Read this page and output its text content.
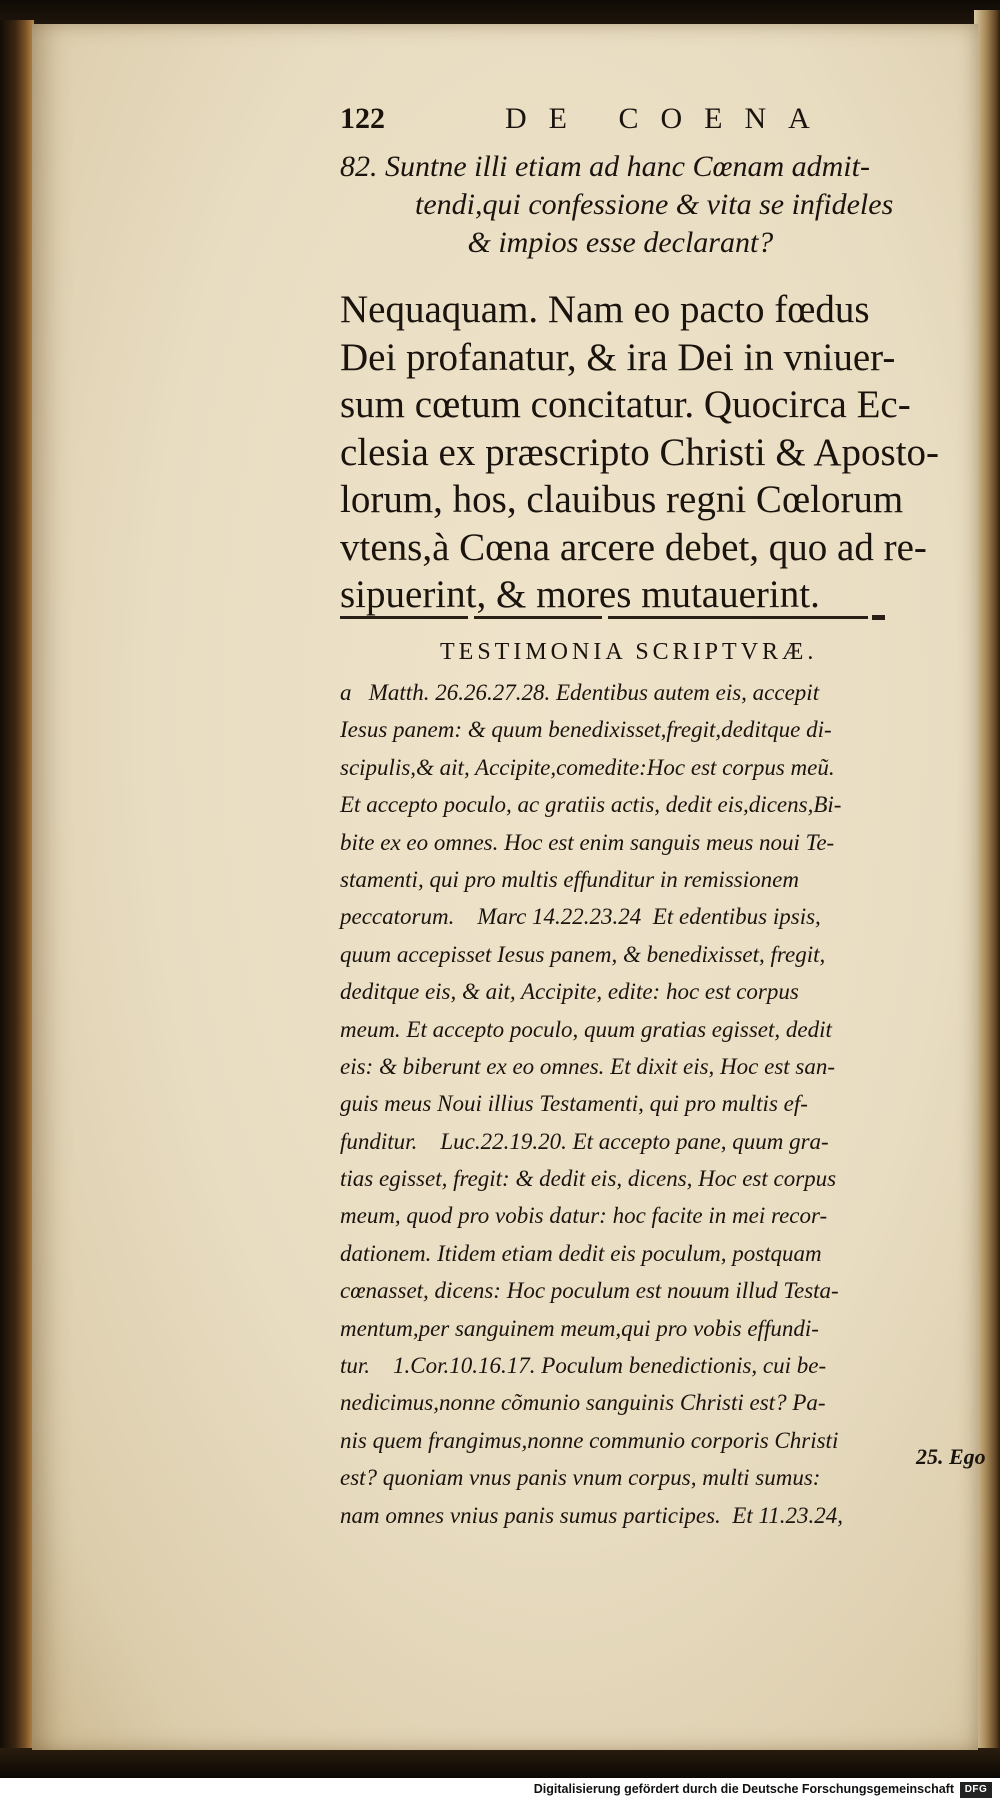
122	DE COENA
82. Suntne illi etiam ad hanc Cœnam admit-
tendi,qui confessione & vita se infideles
& impios esse declarant?
Nequaquam. Nam eo pacto fœdus
Dei profanatur, & ira Dei in vniuer-
sum cœtum concitatur. Quocirca Ec-
clesia ex præscripto Christi & Aposto-
lorum, hos, clauibus regni Cœlorum
vtens,à Cœna arcere debet, quo ad re-
sipuerint, & mores mutauerint.
TESTIMONIA SCRIPTVRÆ.
a   Matth. 26.26.27.28. Edentibus autem eis, accepit
Iesus panem: & quum benedixisset,fregit,deditque di-
scipulis,& ait, Accipite,comedite:Hoc est corpus meũ.
Et accepto poculo, ac gratiis actis, dedit eis,dicens,Bi-
bite ex eo omnes. Hoc est enim sanguis meus noui Te-
stamenti, qui pro multis effunditur in remissionem
peccatorum.    Marc 14.22.23.24  Et edentibus ipsis,
quum accepisset Iesus panem, & benedixisset, fregit,
deditque eis, & ait, Accipite, edite: hoc est corpus
meum. Et accepto poculo, quum gratias egisset, dedit
eis: & biberunt ex eo omnes. Et dixit eis, Hoc est san-
guis meus Noui illius Testamenti, qui pro multis ef-
funditur.    Luc.22.19.20. Et accepto pane, quum gra-
tias egisset, fregit: & dedit eis, dicens, Hoc est corpus
meum, quod pro vobis datur: hoc facite in mei recor-
dationem. Itidem etiam dedit eis poculum, postquam
cœnasset, dicens: Hoc poculum est nouum illud Testa-
mentum,per sanguinem meum,qui pro vobis effundi-
tur.    1.Cor.10.16.17. Poculum benedictionis, cui be-
nedicimus,nonne cõmunio sanguinis Christi est? Pa-
nis quem frangimus,nonne communio corporis Christi
est? quoniam vnus panis vnum corpus, multi sumus:
nam omnes vnius panis sumus participes.  Et 11.23.24,
25. Ego
Digitalisierung gefördert durch die Deutsche Forschungsgemeinschaft	DFG
